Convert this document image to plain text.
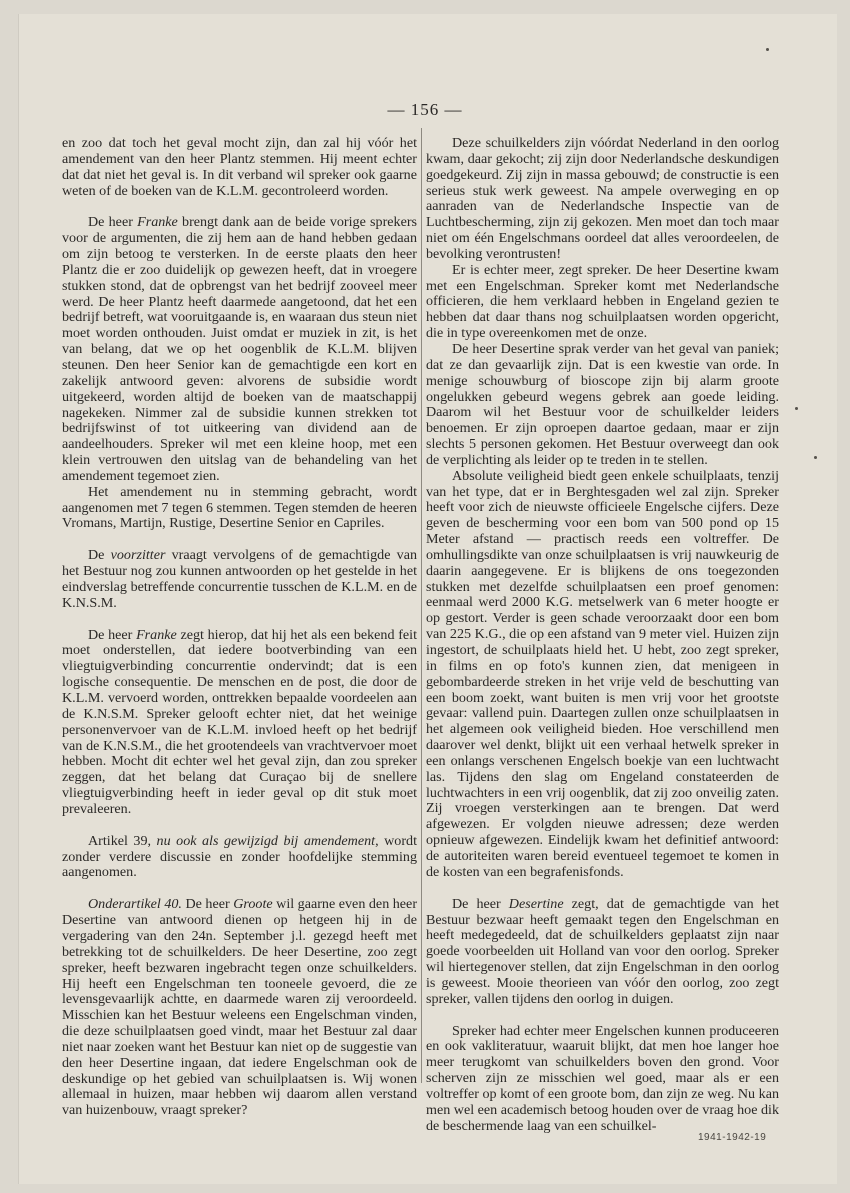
— 156 —

en zoo dat toch het geval mocht zijn, dan zal hij vóór het amendement van den heer Plantz stemmen. Hij meent echter dat dat niet het geval is. In dit verband wil spreker ook gaarne weten of de boeken van de K.L.M. gecontroleerd worden.

De heer Franke brengt dank aan de beide vorige sprekers voor de argumenten, die zij hem aan de hand hebben gedaan om zijn betoog te versterken. In de eerste plaats den heer Plantz die er zoo duidelijk op gewezen heeft, dat in vroegere stukken stond, dat de opbrengst van het bedrijf zooveel meer werd. De heer Plantz heeft daarmede aangetoond, dat het een bedrijf betreft, wat vooruitgaande is, en waaraan dus steun niet moet worden onthouden. Juist omdat er muziek in zit, is het van belang, dat we op het oogenblik de K.L.M. blijven steunen. Den heer Senior kan de gemachtigde een kort en zakelijk antwoord geven: alvorens de subsidie wordt uitgekeerd, worden altijd de boeken van de maatschappij nagekeken. Nimmer zal de subsidie kunnen strekken tot bedrijfswinst of tot uitkeering van dividend aan de aandeelhouders. Spreker wil met een kleine hoop, met een klein vertrouwen den uitslag van de behandeling van het amendement tegemoet zien.

Het amendement nu in stemming gebracht, wordt aangenomen met 7 tegen 6 stemmen. Tegen stemden de heeren Vromans, Martijn, Rustige, Desertine Senior en Capriles.

De voorzitter vraagt vervolgens of de gemachtigde van het Bestuur nog zou kunnen antwoorden op het gestelde in het eindverslag betreffende concurrentie tusschen de K.L.M. en de K.N.S.M.

De heer Franke zegt hierop, dat hij het als een bekend feit moet onderstellen, dat iedere bootverbinding van een vliegtuigverbinding concurrentie ondervindt; dat is een logische consequentie. De menschen en de post, die door de K.L.M. vervoerd worden, onttrekken bepaalde voordeelen aan de K.N.S.M. Spreker gelooft echter niet, dat het weinige personenvervoer van de K.L.M. invloed heeft op het bedrijf van de K.N.S.M., die het grootendeels van vrachtvervoer moet hebben. Mocht dit echter wel het geval zijn, dan zou spreker zeggen, dat het belang dat Curaçao bij de snellere vliegtuigverbinding heeft in ieder geval op dit stuk moet prevaleeren.

Artikel 39, nu ook als gewijzigd bij amendement, wordt zonder verdere discussie en zonder hoofdelijke stemming aangenomen.

Onderartikel 40. De heer Groote wil gaarne even den heer Desertine van antwoord dienen op hetgeen hij in de vergadering van den 24n. September j.l. gezegd heeft met betrekking tot de schuilkelders. De heer Desertine, zoo zegt spreker, heeft bezwaren ingebracht tegen onze schuilkelders. Hij heeft een Engelschman ten tooneele gevoerd, die ze levensgevaarlijk achtte, en daarmede waren zij veroordeeld. Misschien kan het Bestuur weleens een Engelschman vinden, die deze schuilplaatsen goed vindt, maar het Bestuur zal daar niet naar zoeken want het Bestuur kan niet op de suggestie van den heer Desertine ingaan, dat iedere Engelschman ook de deskundige op het gebied van schuilplaatsen is. Wij wonen allemaal in huizen, maar hebben wij daarom allen verstand van huizenbouw, vraagt spreker?

Deze schuilkelders zijn vóórdat Nederland in den oorlog kwam, daar gekocht; zij zijn door Nederlandsche deskundigen goedgekeurd. Zij zijn in massa gebouwd; de constructie is een serieus stuk werk geweest. Na ampele overweging en op aanraden van de Nederlandsche Inspectie van de Luchtbescherming, zijn zij gekozen. Men moet dan toch maar niet om één Engelschmans oordeel dat alles veroordeelen, de bevolking verontrusten!

Er is echter meer, zegt spreker. De heer Desertine kwam met een Engelschman. Spreker komt met Nederlandsche officieren, die hem verklaard hebben in Engeland gezien te hebben dat daar thans nog schuilplaatsen worden opgericht, die in type overeenkomen met de onze.

De heer Desertine sprak verder van het geval van paniek; dat ze dan gevaarlijk zijn. Dat is een kwestie van orde. In menige schouwburg of bioscope zijn bij alarm groote ongelukken gebeurd wegens gebrek aan goede leiding. Daarom wil het Bestuur voor de schuilkelder leiders benoemen. Er zijn oproepen daartoe gedaan, maar er zijn slechts 5 personen gekomen. Het Bestuur overweegt dan ook de verplichting als leider op te treden in te stellen.

Absolute veiligheid biedt geen enkele schuilplaats, tenzij van het type, dat er in Berghtesgaden wel zal zijn. Spreker heeft voor zich de nieuwste officieele Engelsche cijfers. Deze geven de bescherming voor een bom van 500 pond op 15 Meter afstand — practisch reeds een voltreffer. De omhullingsdikte van onze schuilplaatsen is vrij nauwkeurig de daarin aangegevene. Er is blijkens de ons toegezonden stukken met dezelfde schuilplaatsen een proef genomen: eenmaal werd 2000 K.G. metselwerk van 6 meter hoogte er op gestort. Verder is geen schade veroorzaakt door een bom van 225 K.G., die op een afstand van 9 meter viel. Huizen zijn ingestort, de schuilplaats hield het. U hebt, zoo zegt spreker, in films en op foto's kunnen zien, dat menigeen in gebombardeerde streken in het vrije veld de beschutting van een boom zoekt, want buiten is men vrij voor het grootste gevaar: vallend puin. Daartegen zullen onze schuilplaatsen in het algemeen ook veiligheid bieden. Hoe verschillend men daarover wel denkt, blijkt uit een verhaal hetwelk spreker in een onlangs verschenen Engelsch boekje van een luchtwacht las. Tijdens den slag om Engeland constateerden de luchtwachters in een vrij oogenblik, dat zij zoo onveilig zaten. Zij vroegen versterkingen aan te brengen. Dat werd afgewezen. Er volgden nieuwe adressen; deze werden opnieuw afgewezen. Eindelijk kwam het definitief antwoord: de autoriteiten waren bereid eventueel tegemoet te komen in de kosten van een begrafenisfonds.

De heer Desertine zegt, dat de gemachtigde van het Bestuur bezwaar heeft gemaakt tegen den Engelschman en heeft medegedeeld, dat de schuilkelders geplaatst zijn naar goede voorbeelden uit Holland van voor den oorlog. Spreker wil hiertegenover stellen, dat zijn Engelschman in den oorlog is geweest. Mooie theorieen van vóór den oorlog, zoo zegt spreker, vallen tijdens den oorlog in duigen.

Spreker had echter meer Engelschen kunnen produceeren en ook vakliteratuur, waaruit blijkt, dat men hoe langer hoe meer terugkomt van schuilkelders boven den grond. Voor scherven zijn ze misschien wel goed, maar als er een voltreffer op komt of een groote bom, dan zijn ze weg. Nu kan men wel een academisch betoog houden over de vraag hoe dik de beschermende laag van een schuilkel-

1941-1942-19
